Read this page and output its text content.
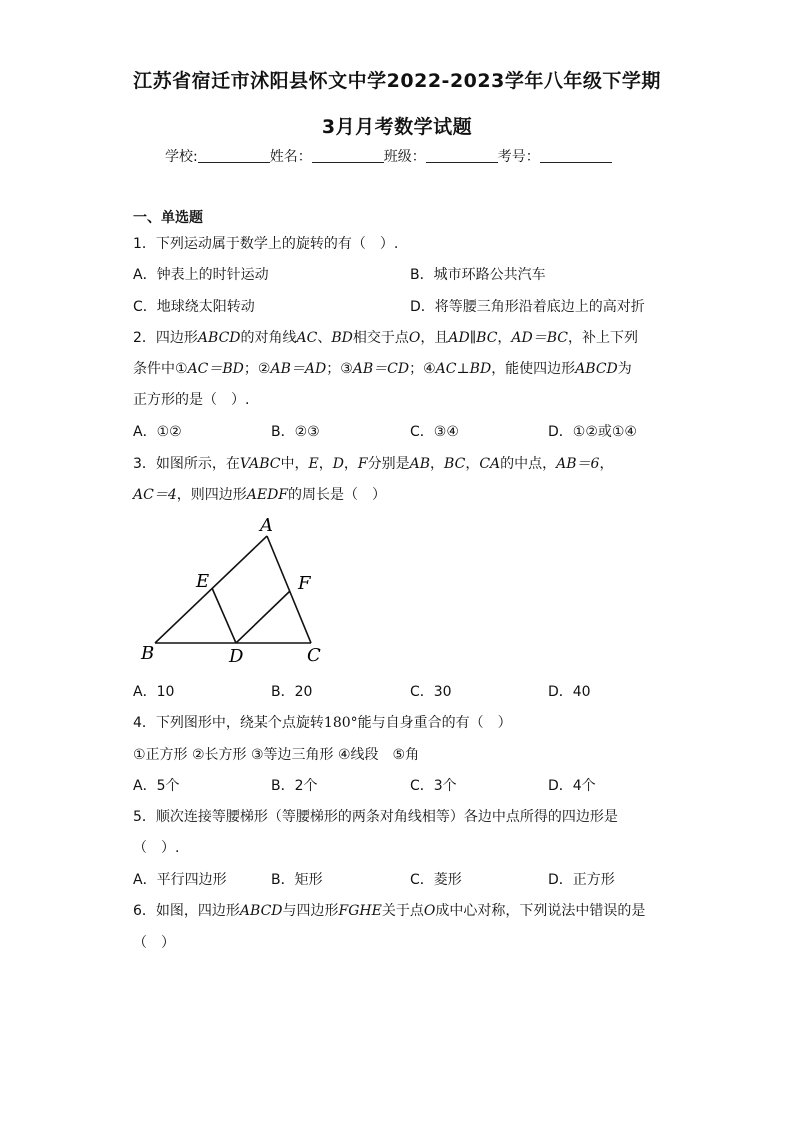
江苏省宿迁市沭阳县怀文中学2022-2023学年八年级下学期
3月月考数学试题
学校:	姓名：	班级：	考号：
一、单选题
1．下列运动属于数学上的旋转的有（　）.
A．钟表上的时针运动	B．城市环路公共汽车
C．地球绕太阳转动	D．将等腰三角形沿着底边上的高对折
2．四边形ABCD的对角线AC、BD相交于点O，且AD∥BC，AD＝BC，补上下列
条件中①AC＝BD；②AB＝AD；③AB＝CD；④AC⊥BD，能使四边形ABCD为
正方形的是（　）.
A．①②	B．②③	C．③④	D．①②或①④
3．如图所示，在VABC中，E，D，F分别是AB，BC，CA的中点，AB＝6，
AC＝4，则四边形AEDF的周长是（　）
A
B	C
D
E	F
A．10	B．20	C．30	D．40
4．下列图形中，绕某个点旋转180°能与自身重合的有（　）
①正方形 ②长方形 ③等边三角形 ④线段　⑤角
A．5个	B．2个	C．3个	D．4个
5．顺次连接等腰梯形（等腰梯形的两条对角线相等）各边中点所得的四边形是
（　）.
A．平行四边形	B．矩形	C．菱形	D．正方形
6．如图，四边形ABCD与四边形FGHE关于点O成中心对称，下列说法中错误的是
（　）
